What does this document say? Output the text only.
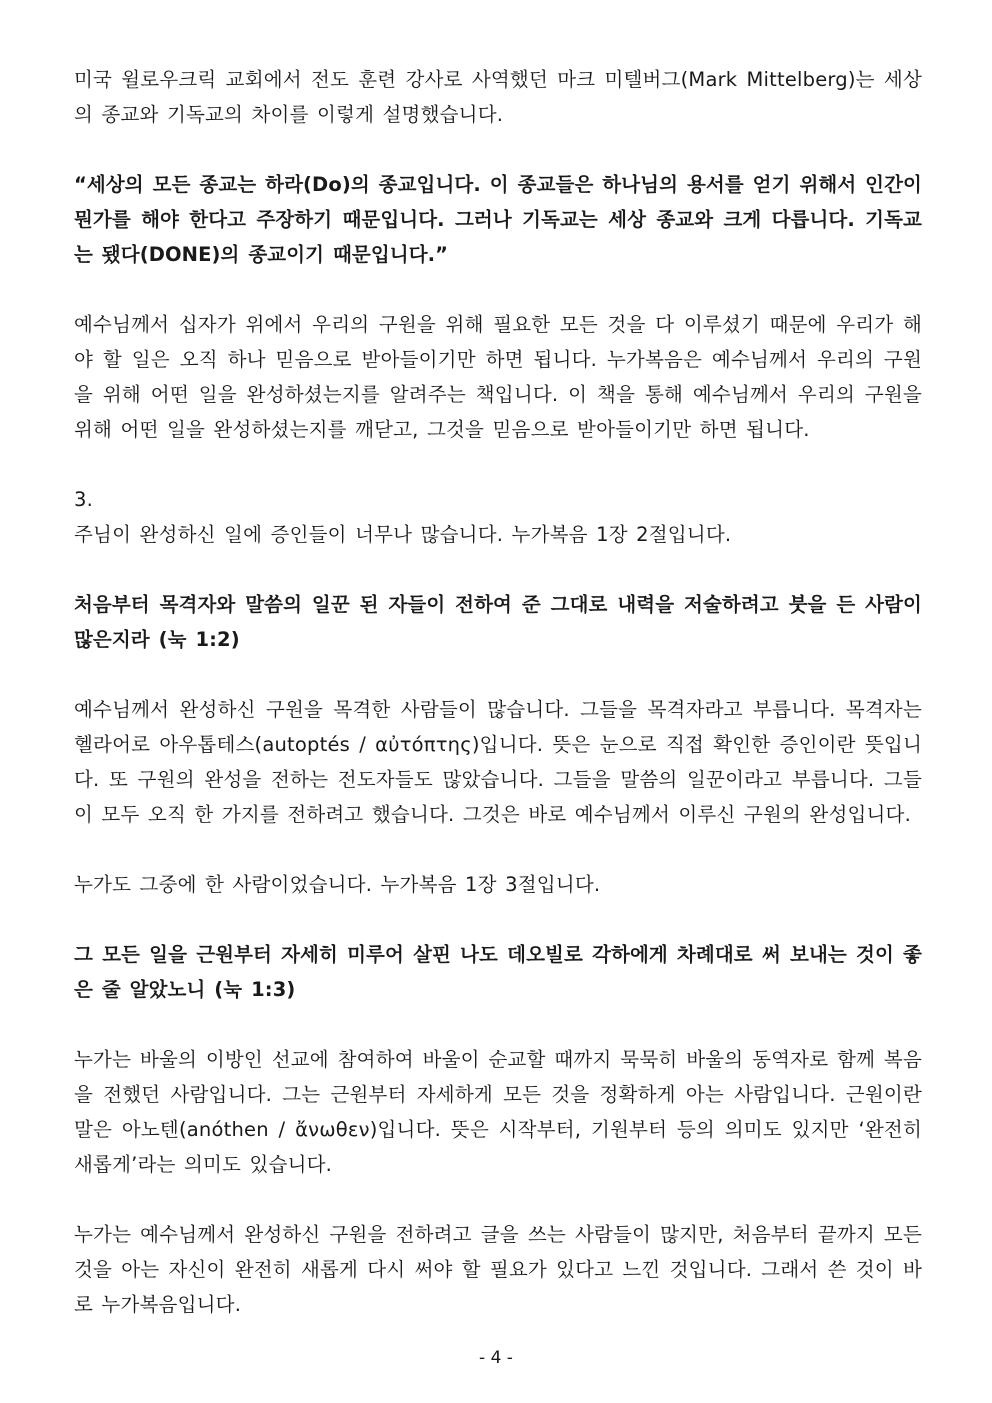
미국 윌로우크릭 교회에서 전도 훈련 강사로 사역했던 마크 미텔버그(Mark Mittelberg)는 세상의 종교와 기독교의 차이를 이렇게 설명했습니다.

“세상의 모든 종교는 하라(Do)의 종교입니다. 이 종교들은 하나님의 용서를 얻기 위해서 인간이 뭔가를 해야 한다고 주장하기 때문입니다. 그러나 기독교는 세상 종교와 크게 다릅니다. 기독교는 됐다(DONE)의 종교이기 때문입니다.”

예수님께서 십자가 위에서 우리의 구원을 위해 필요한 모든 것을 다 이루셨기 때문에 우리가 해야 할 일은 오직 하나 믿음으로 받아들이기만 하면 됩니다. 누가복음은 예수님께서 우리의 구원을 위해 어떤 일을 완성하셨는지를 알려주는 책입니다. 이 책을 통해 예수님께서 우리의 구원을 위해 어떤 일을 완성하셨는지를 깨닫고, 그것을 믿음으로 받아들이기만 하면 됩니다.

3.

주님이 완성하신 일에 증인들이 너무나 많습니다. 누가복음 1장 2절입니다.

처음부터 목격자와 말씀의 일꾼 된 자들이 전하여 준 그대로 내력을 저술하려고 붓을 든 사람이 많은지라 (눅 1:2)

예수님께서 완성하신 구원을 목격한 사람들이 많습니다. 그들을 목격자라고 부릅니다. 목격자는 헬라어로 아우톱테스(autoptés / αὐτόπτης)입니다. 뜻은 눈으로 직접 확인한 증인이란 뜻입니다. 또 구원의 완성을 전하는 전도자들도 많았습니다. 그들을 말씀의 일꾼이라고 부릅니다. 그들이 모두 오직 한 가지를 전하려고 했습니다. 그것은 바로 예수님께서 이루신 구원의 완성입니다.

누가도 그중에 한 사람이었습니다. 누가복음 1장 3절입니다.

그 모든 일을 근원부터 자세히 미루어 살핀 나도 데오빌로 각하에게 차례대로 써 보내는 것이 좋은 줄 알았노니 (눅 1:3)

누가는 바울의 이방인 선교에 참여하여 바울이 순교할 때까지 묵묵히 바울의 동역자로 함께 복음을 전했던 사람입니다. 그는 근원부터 자세하게 모든 것을 정확하게 아는 사람입니다. 근원이란 말은 아노텐(anóthen / ἄνωθεν)입니다. 뜻은 시작부터, 기원부터 등의 의미도 있지만 ‘완전히 새롭게’라는 의미도 있습니다.

누가는 예수님께서 완성하신 구원을 전하려고 글을 쓰는 사람들이 많지만, 처음부터 끝까지 모든 것을 아는 자신이 완전히 새롭게 다시 써야 할 필요가 있다고 느낀 것입니다. 그래서 쓴 것이 바로 누가복음입니다.

- 4 -
